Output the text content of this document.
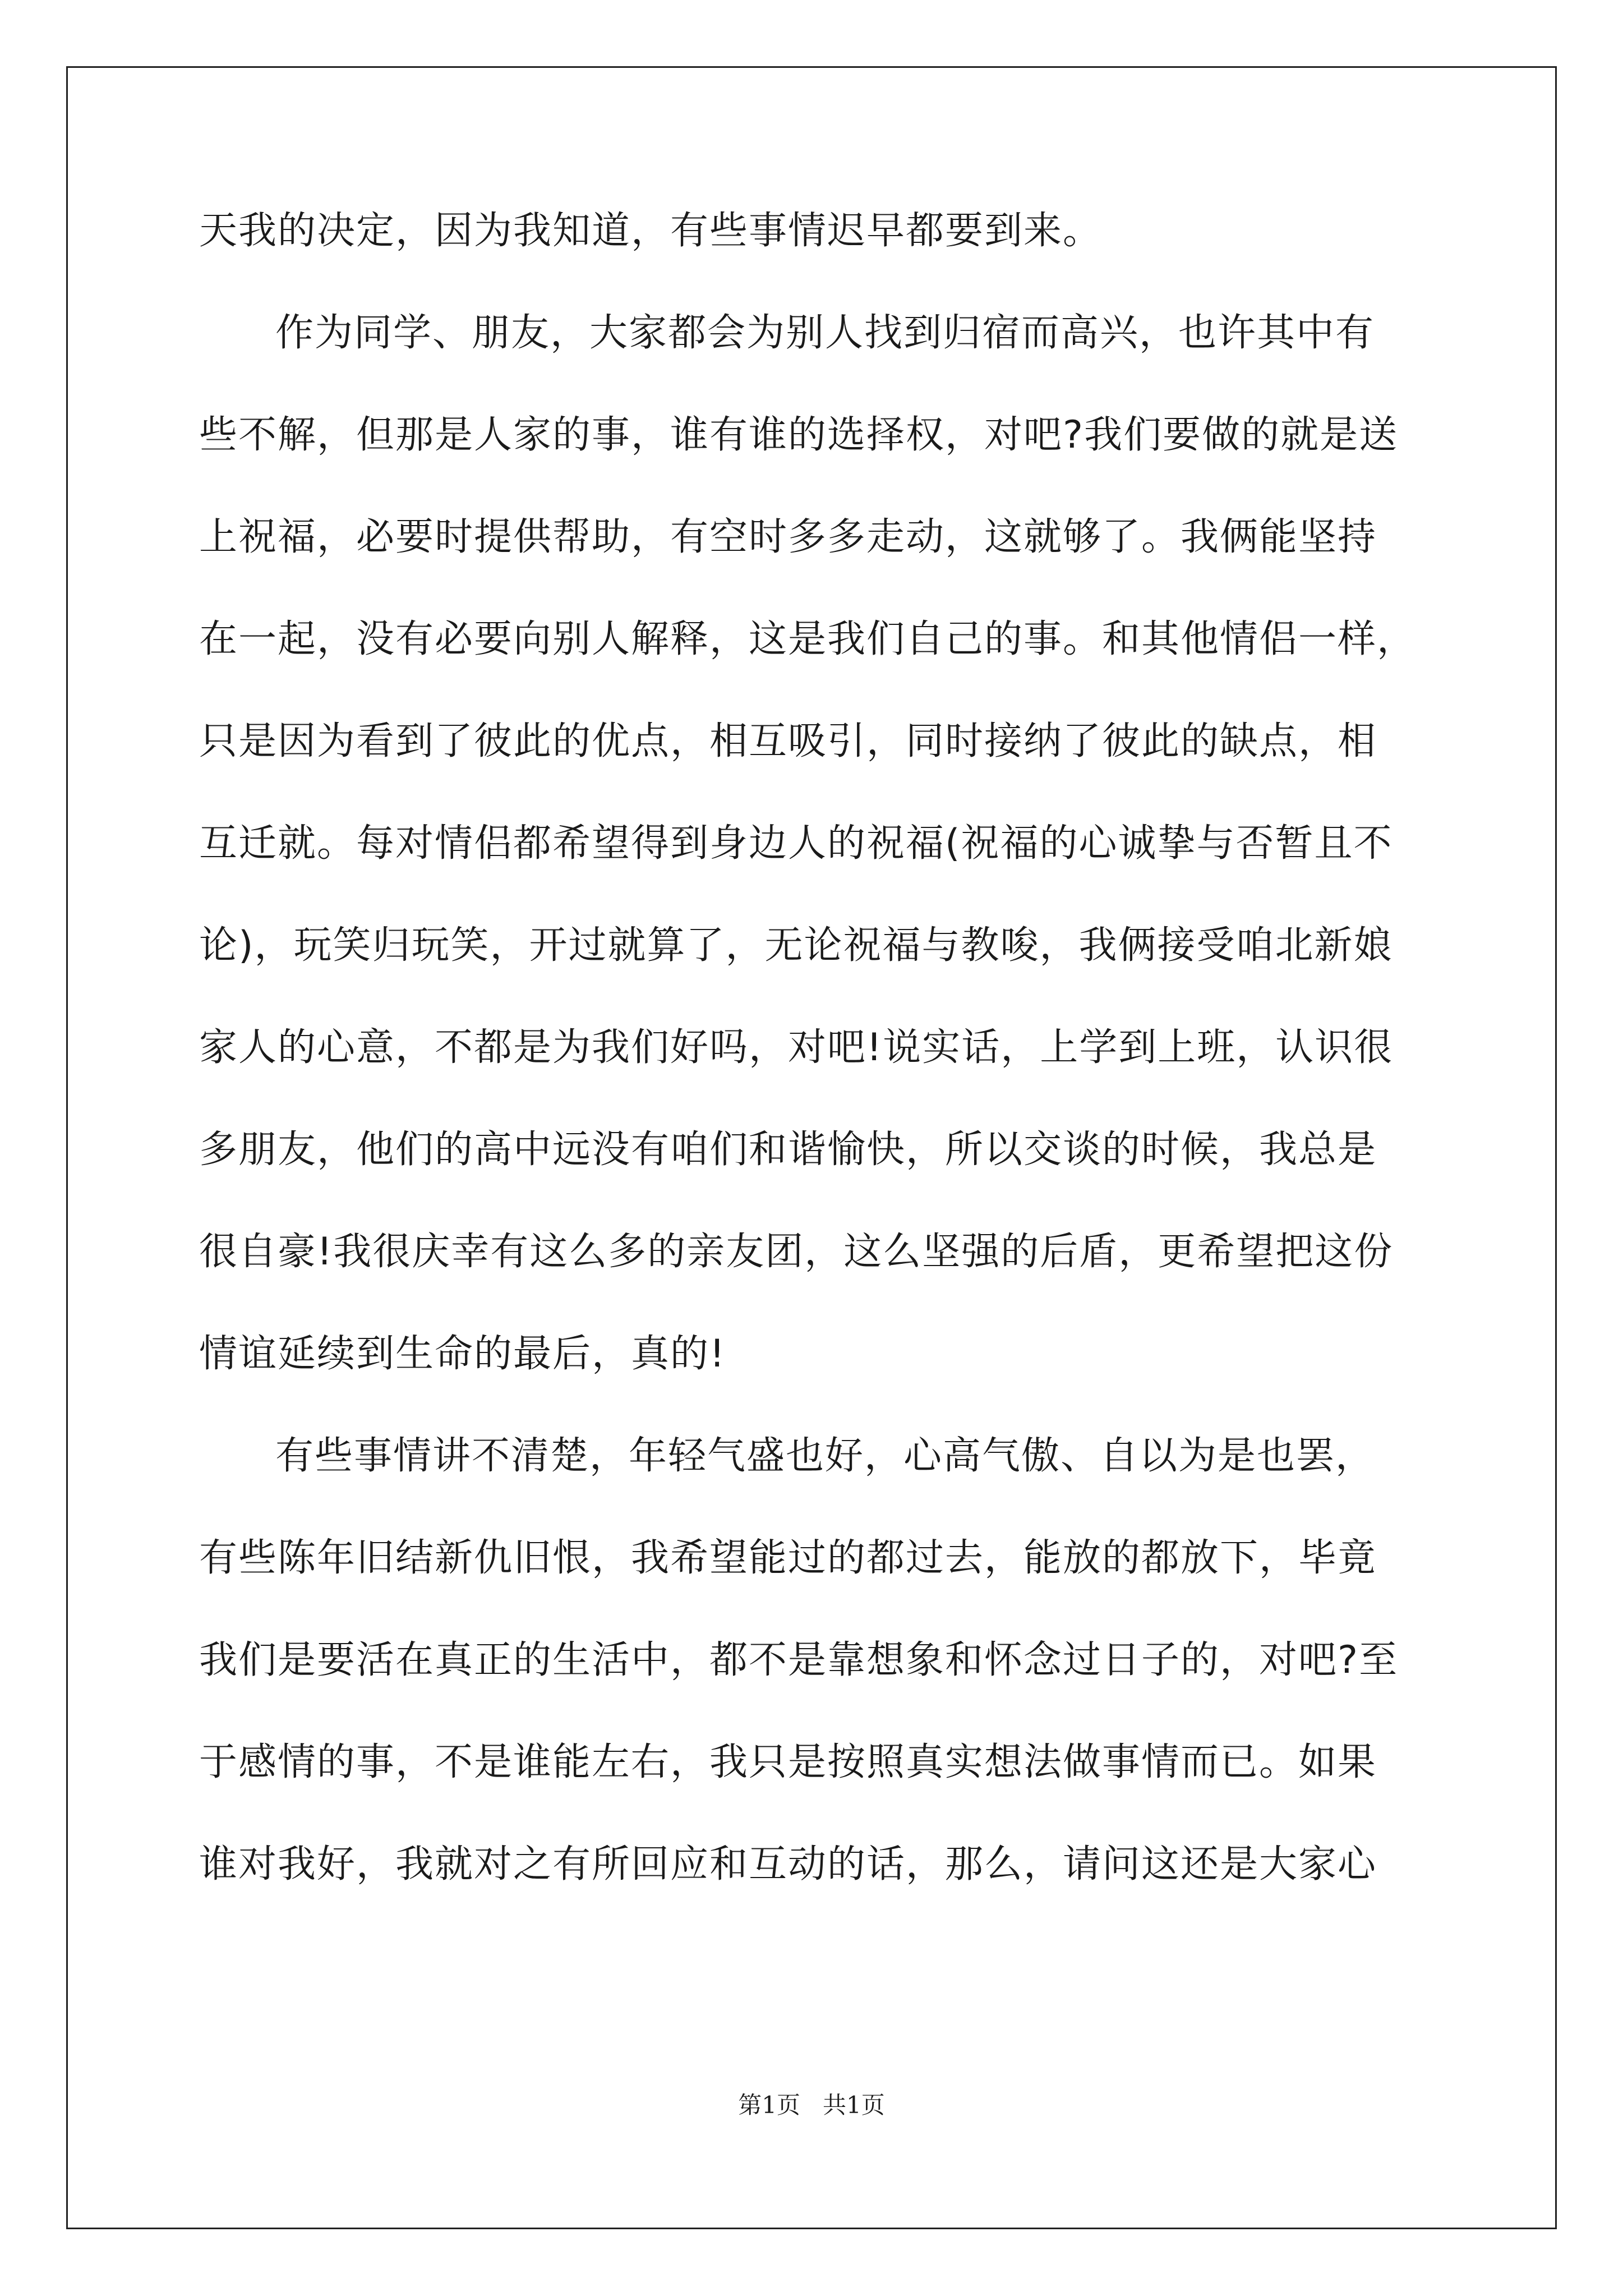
天我的决定，因为我知道，有些事情迟早都要到来。
作为同学、朋友，大家都会为别人找到归宿而高兴，也许其中有
些不解，但那是人家的事，谁有谁的选择权，对吧?我们要做的就是送
上祝福，必要时提供帮助，有空时多多走动，这就够了。我俩能坚持
在一起，没有必要向别人解释，这是我们自己的事。和其他情侣一样，
只是因为看到了彼此的优点，相互吸引，同时接纳了彼此的缺点，相
互迁就。每对情侣都希望得到身边人的祝福(祝福的心诚挚与否暂且不
论)，玩笑归玩笑，开过就算了，无论祝福与教唆，我俩接受咱北新娘
家人的心意，不都是为我们好吗，对吧!说实话，上学到上班，认识很
多朋友，他们的高中远没有咱们和谐愉快，所以交谈的时候，我总是
很自豪!我很庆幸有这么多的亲友团，这么坚强的后盾，更希望把这份
情谊延续到生命的最后，真的!
有些事情讲不清楚，年轻气盛也好，心高气傲、自以为是也罢，
有些陈年旧结新仇旧恨，我希望能过的都过去，能放的都放下，毕竟
我们是要活在真正的生活中，都不是靠想象和怀念过日子的，对吧?至
于感情的事，不是谁能左右，我只是按照真实想法做事情而已。如果
谁对我好，我就对之有所回应和互动的话，那么，请问这还是大家心
第1页   共1页
